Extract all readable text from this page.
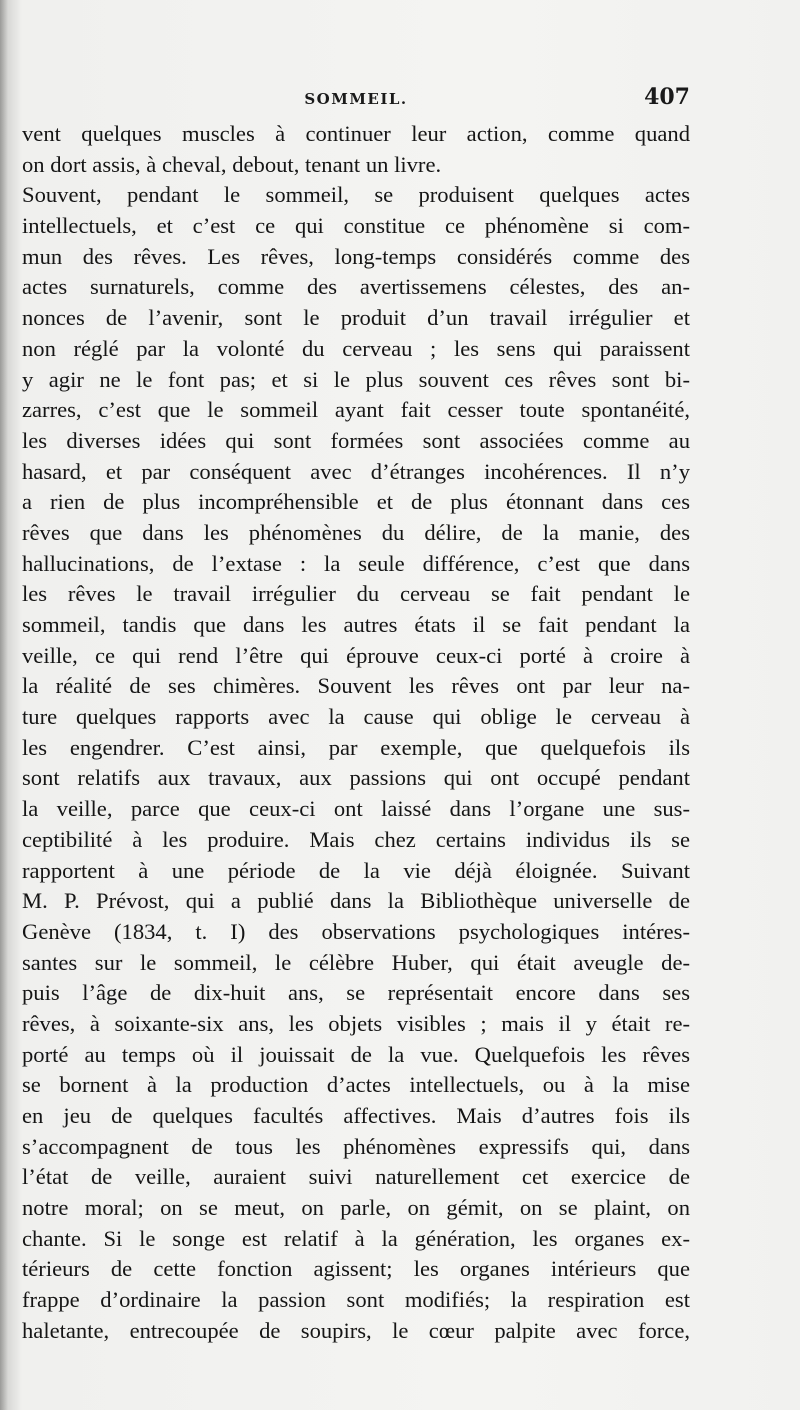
SOMMEIL.	407
vent quelques muscles à continuer leur action, comme quand
on dort assis, à cheval, debout, tenant un livre.
Souvent, pendant le sommeil, se produisent quelques actes
intellectuels, et c’est ce qui constitue ce phénomène si com-
mun des rêves. Les rêves, long-temps considérés comme des
actes surnaturels, comme des avertissemens célestes, des an-
nonces de l’avenir, sont le produit d’un travail irrégulier et
non réglé par la volonté du cerveau ; les sens qui paraissent
y agir ne le font pas; et si le plus souvent ces rêves sont bi-
zarres, c’est que le sommeil ayant fait cesser toute spontanéité,
les diverses idées qui sont formées sont associées comme au
hasard, et par conséquent avec d’étranges incohérences. Il n’y
a rien de plus incompréhensible et de plus étonnant dans ces
rêves que dans les phénomènes du délire, de la manie, des
hallucinations, de l’extase : la seule différence, c’est que dans
les rêves le travail irrégulier du cerveau se fait pendant le
sommeil, tandis que dans les autres états il se fait pendant la
veille, ce qui rend l’être qui éprouve ceux-ci porté à croire à
la réalité de ses chimères. Souvent les rêves ont par leur na-
ture quelques rapports avec la cause qui oblige le cerveau à
les engendrer. C’est ainsi, par exemple, que quelquefois ils
sont relatifs aux travaux, aux passions qui ont occupé pendant
la veille, parce que ceux-ci ont laissé dans l’organe une sus-
ceptibilité à les produire. Mais chez certains individus ils se
rapportent à une période de la vie déjà éloignée. Suivant
M. P. Prévost, qui a publié dans la Bibliothèque universelle de
Genève (1834, t. I) des observations psychologiques intéres-
santes sur le sommeil, le célèbre Huber, qui était aveugle de-
puis l’âge de dix-huit ans, se représentait encore dans ses
rêves, à soixante-six ans, les objets visibles ; mais il y était re-
porté au temps où il jouissait de la vue. Quelquefois les rêves
se bornent à la production d’actes intellectuels, ou à la mise
en jeu de quelques facultés affectives. Mais d’autres fois ils
s’accompagnent de tous les phénomènes expressifs qui, dans
l’état de veille, auraient suivi naturellement cet exercice de
notre moral; on se meut, on parle, on gémit, on se plaint, on
chante. Si le songe est relatif à la génération, les organes ex-
térieurs de cette fonction agissent; les organes intérieurs que
frappe d’ordinaire la passion sont modifiés; la respiration est
haletante, entrecoupée de soupirs, le cœur palpite avec force,
